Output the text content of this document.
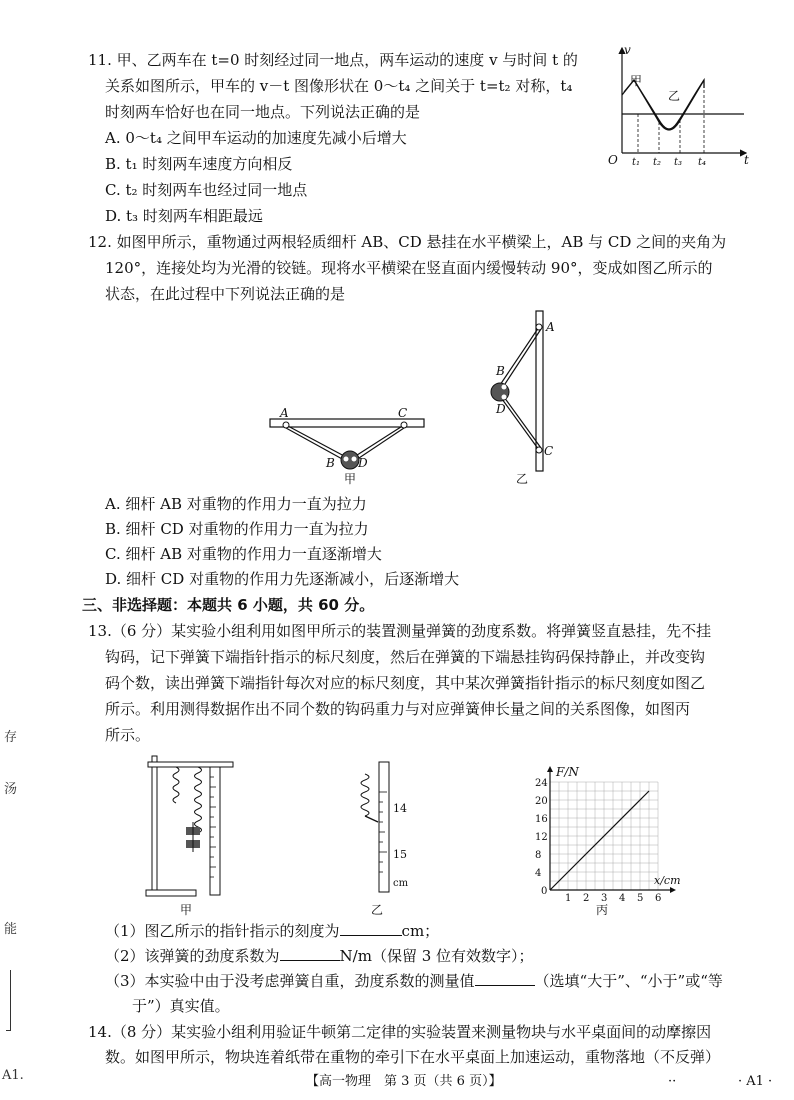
11. 甲、乙两车在 t=0 时刻经过同一地点，两车运动的速度 v 与时间 t 的
关系如图所示，甲车的 v－t 图像形状在 0～t₄ 之间关于 t=t₂ 对称，t₄
时刻两车恰好也在同一地点。下列说法正确的是
A. 0～t₄ 之间甲车运动的加速度先减小后增大
B. t₁ 时刻两车速度方向相反
C. t₂ 时刻两车也经过同一地点
D. t₃ 时刻两车相距最远
v
t
O
甲
乙
t₁ t₂ t₃ t₄
12. 如图甲所示，重物通过两根轻质细杆 AB、CD 悬挂在水平横梁上，AB 与 CD 之间的夹角为
120°，连接处均为光滑的铰链。现将水平横梁在竖直面内缓慢转动 90°，变成如图乙所示的
状态，在此过程中下列说法正确的是
A	C
B D
甲
A
C
B
D
乙
A. 细杆 AB 对重物的作用力一直为拉力
B. 细杆 CD 对重物的作用力一直为拉力
C. 细杆 AB 对重物的作用力一直逐渐增大
D. 细杆 CD 对重物的作用力先逐渐减小，后逐渐增大
三、非选择题：本题共 6 小题，共 60 分。
13.（6 分）某实验小组利用如图甲所示的装置测量弹簧的劲度系数。将弹簧竖直悬挂，先不挂
钩码，记下弹簧下端指针指示的标尺刻度，然后在弹簧的下端悬挂钩码保持静止，并改变钩
码个数，读出弹簧下端指针每次对应的标尺刻度，其中某次弹簧指针指示的标尺刻度如图乙
所示。利用测得数据作出不同个数的钩码重力与对应弹簧伸长量之间的关系图像，如图丙
所示。
甲
14
15
cm
乙
0
1 2 3 4 5 6
4
8
12
16
20
24
F/N
x/cm
丙
（1）图乙所示的指针指示的刻度为	cm；
（2）该弹簧的劲度系数为	N/m（保留 3 位有效数字）；
（3）本实验中由于没考虑弹簧自重，劲度系数的测量值	（选填“大于”、“小于”或“等
于”）真实值。
14.（8 分）某实验小组利用验证牛顿第二定律的实验装置来测量物块与水平桌面间的动摩擦因
数。如图甲所示，物块连着纸带在重物的牵引下在水平桌面上加速运动，重物落地（不反弹）
【高一物理　第 3 页（共 6 页）】	··	· A1 ·
存
汤
能
A1.
